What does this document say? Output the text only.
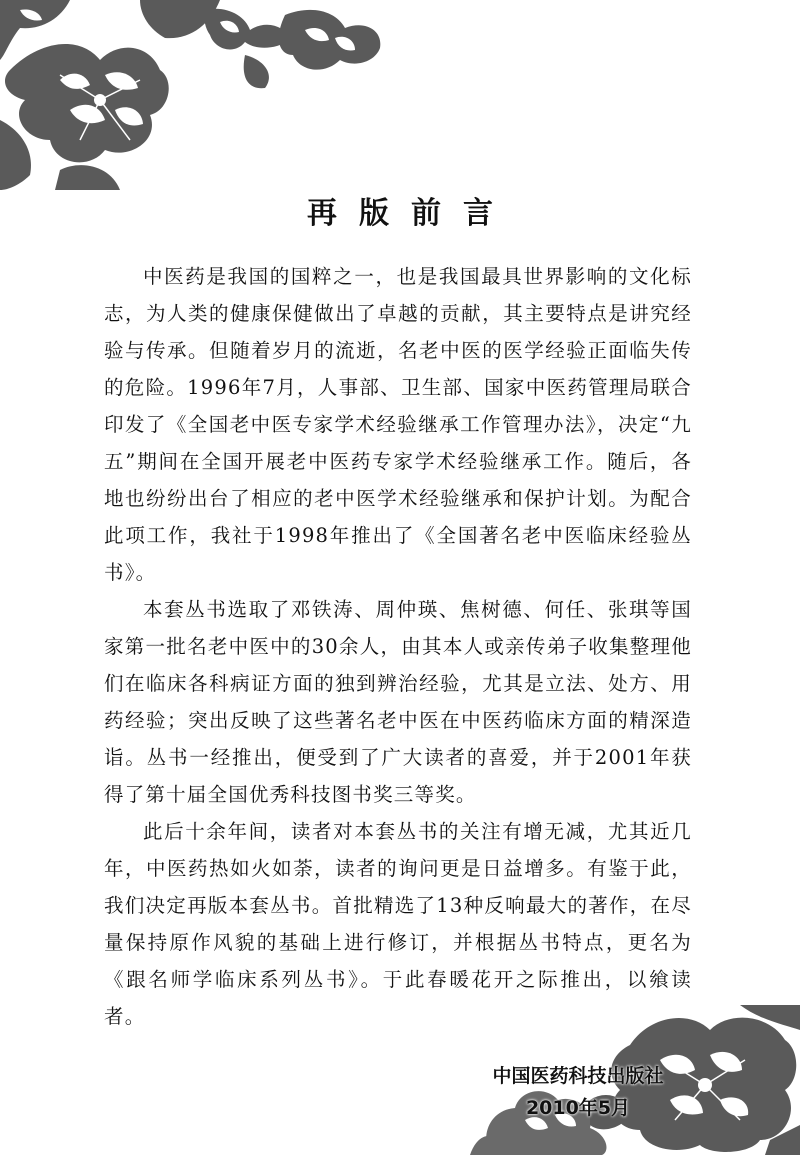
再版前言

中医药是我国的国粹之一，也是我国最具世界影响的文化标志，为人类的健康保健做出了卓越的贡献，其主要特点是讲究经验与传承。但随着岁月的流逝，名老中医的医学经验正面临失传的危险。1996年7月，人事部、卫生部、国家中医药管理局联合印发了《全国老中医专家学术经验继承工作管理办法》，决定“九五”期间在全国开展老中医药专家学术经验继承工作。随后，各地也纷纷出台了相应的老中医学术经验继承和保护计划。为配合此项工作，我社于1998年推出了《全国著名老中医临床经验丛书》。

本套丛书选取了邓铁涛、周仲瑛、焦树德、何任、张琪等国家第一批名老中医中的30余人，由其本人或亲传弟子收集整理他们在临床各科病证方面的独到辨治经验，尤其是立法、处方、用药经验；突出反映了这些著名老中医在中医药临床方面的精深造诣。丛书一经推出，便受到了广大读者的喜爱，并于2001年获得了第十届全国优秀科技图书奖三等奖。

此后十余年间，读者对本套丛书的关注有增无减，尤其近几年，中医药热如火如荼，读者的询问更是日益增多。有鉴于此，我们决定再版本套丛书。首批精选了13种反响最大的著作，在尽量保持原作风貌的基础上进行修订，并根据丛书特点，更名为《跟名师学临床系列丛书》。于此春暖花开之际推出，以飨读者。

中国医药科技出版社
2010年5月
